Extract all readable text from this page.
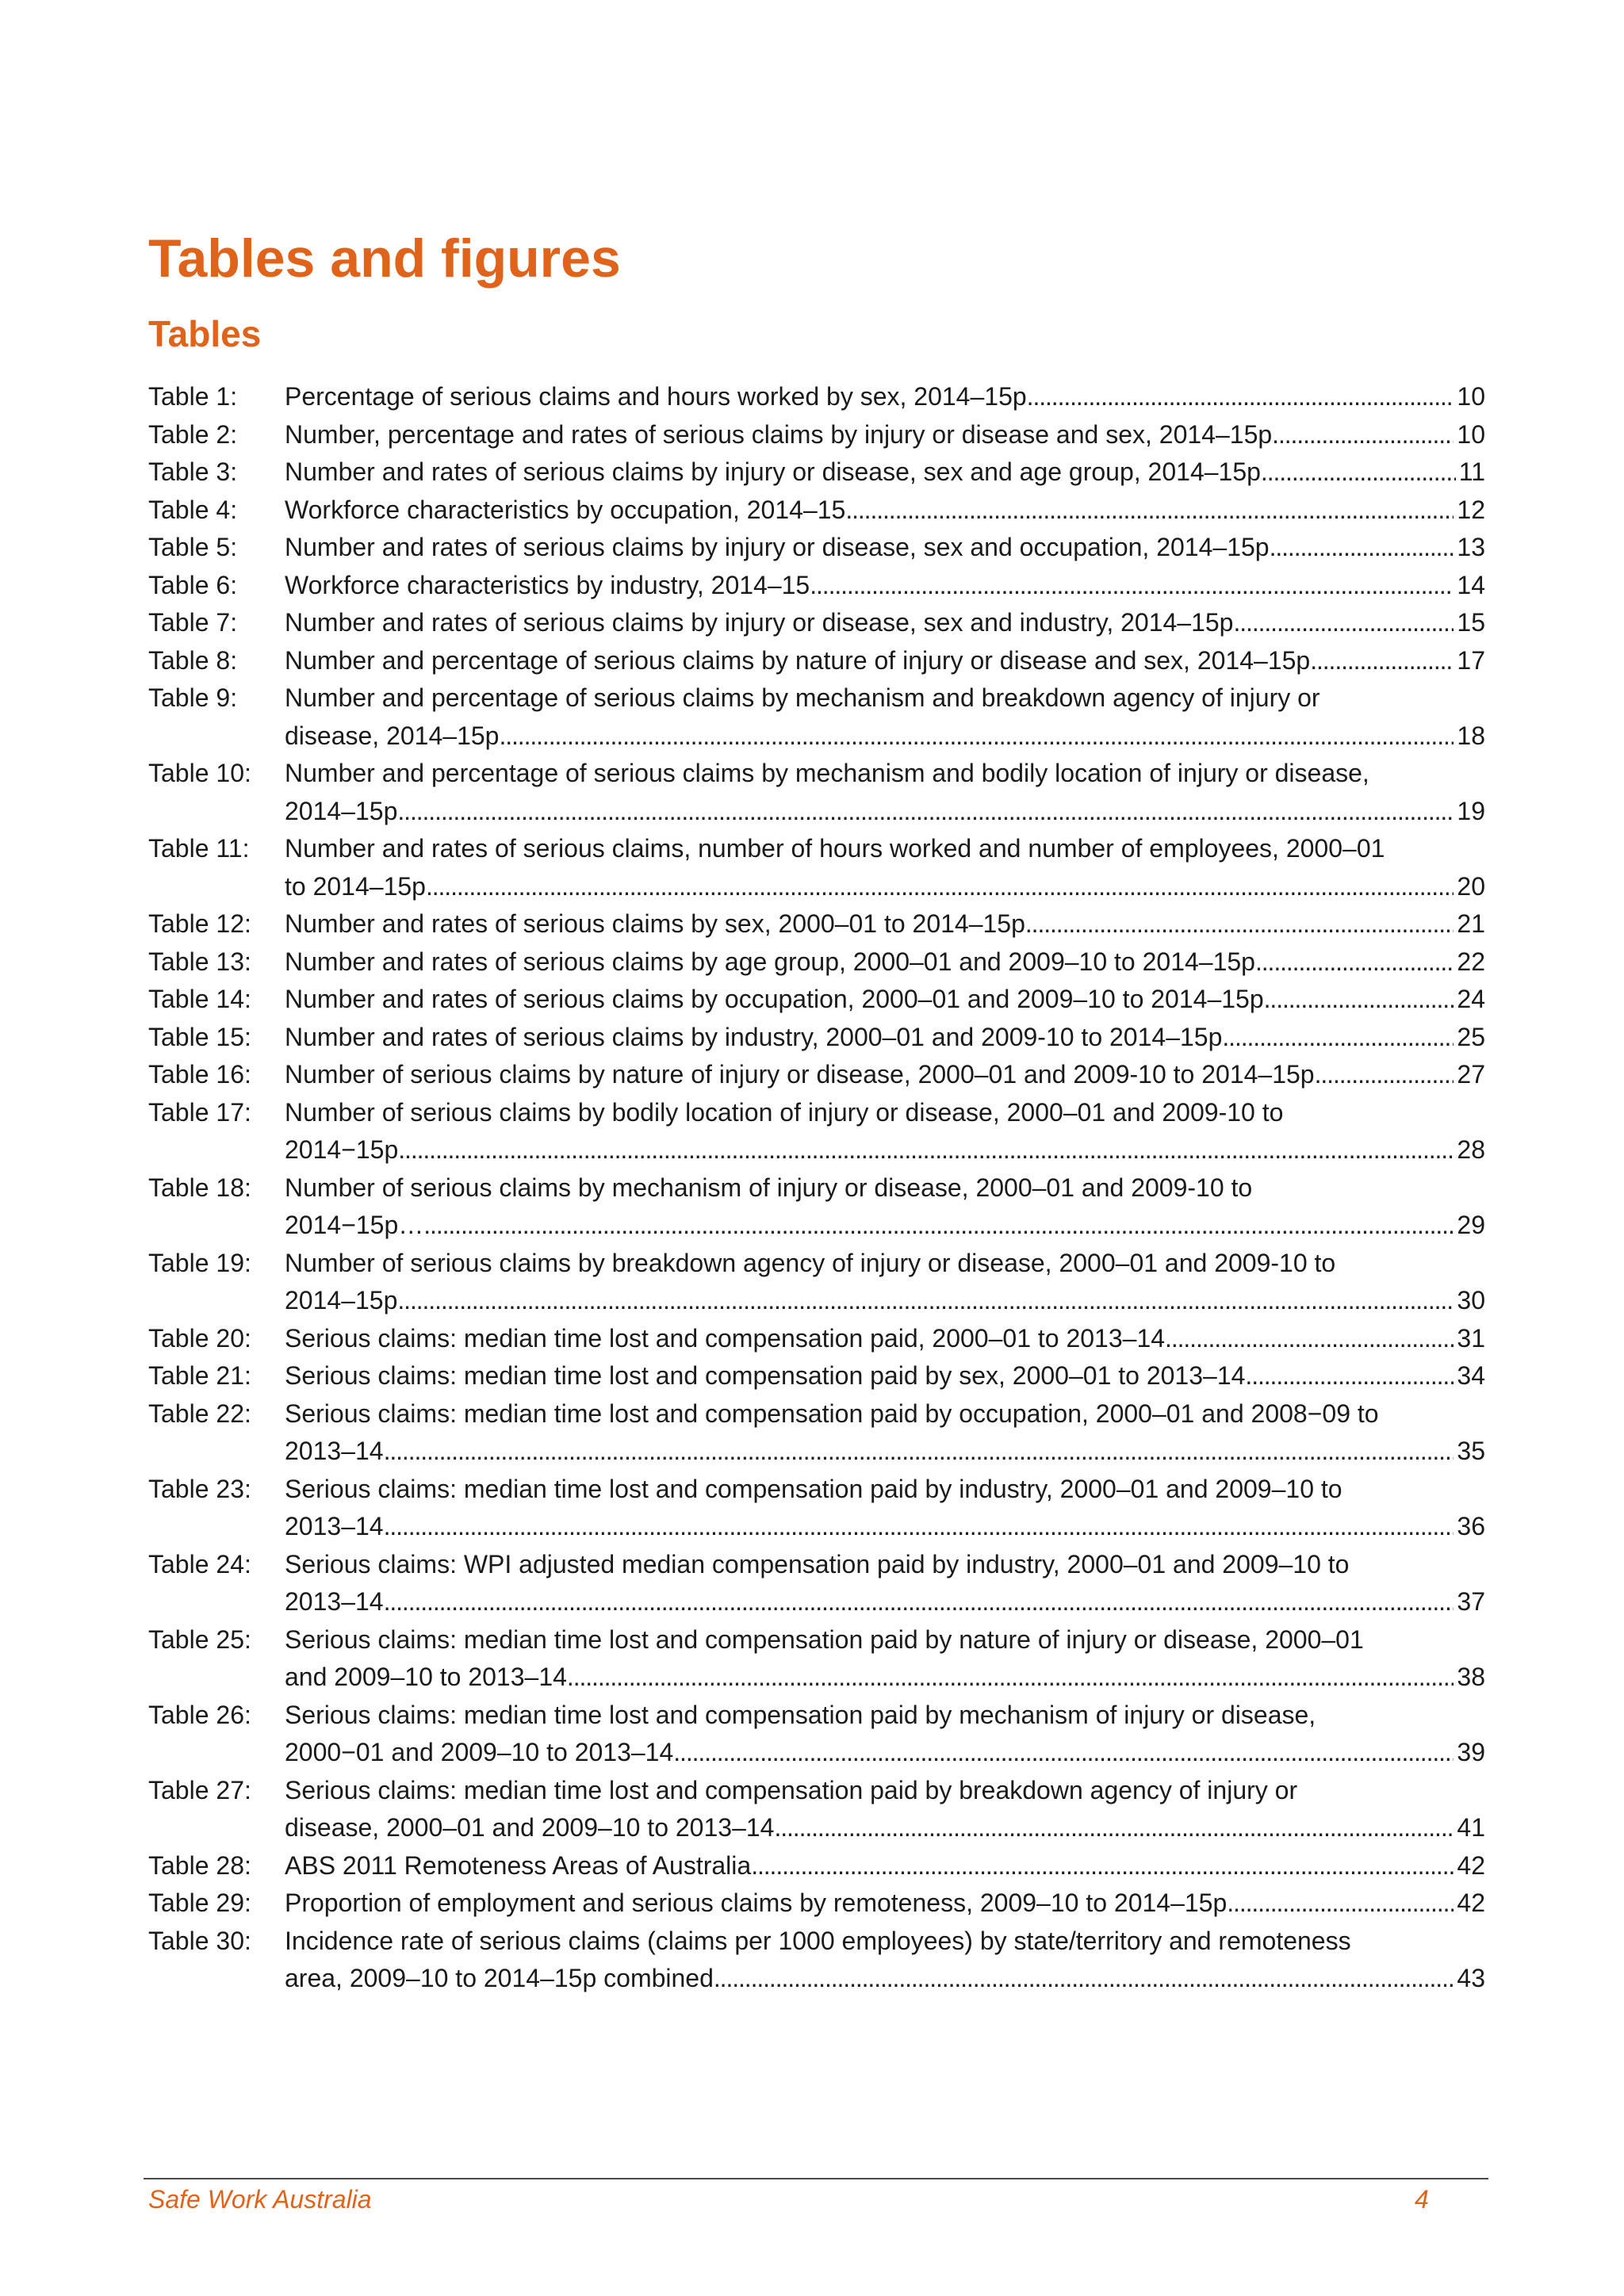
Tables and figures
Tables
Table 1:	Percentage of serious claims and hours worked by sex, 2014–15p . . .	10
Table 2:	Number, percentage and rates of serious claims by injury or disease and sex, 2014–15p . . .	10
Table 3:	Number and rates of serious claims by injury or disease, sex and age group, 2014–15p . . .	11
Table 4:	Workforce characteristics by occupation, 2014–15 . . .	12
Table 5:	Number and rates of serious claims by injury or disease, sex and occupation, 2014–15p . . .	13
Table 6:	Workforce characteristics by industry, 2014–15 . . .	14
Table 7:	Number and rates of serious claims by injury or disease, sex and industry, 2014–15p . . .	15
Table 8:	Number and percentage of serious claims by nature of injury or disease and sex, 2014–15p . . .	17
Table 9:	Number and percentage of serious claims by mechanism and breakdown agency of injury or
disease, 2014–15p . . .	18
Table 10:	Number and percentage of serious claims by mechanism and bodily location of injury or disease,
2014–15p . . .	19
Table 11:	Number and rates of serious claims, number of hours worked and number of employees, 2000–01
to 2014–15p . . .	20
Table 12:	Number and rates of serious claims by sex, 2000–01 to 2014–15p . . .	21
Table 13:	Number and rates of serious claims by age group, 2000–01 and 2009–10 to 2014–15p . . .	22
Table 14:	Number and rates of serious claims by occupation, 2000–01 and 2009–10 to 2014–15p . . .	24
Table 15:	Number and rates of serious claims by industry, 2000–01 and 2009-10 to 2014–15p . . .	25
Table 16:	Number of serious claims by nature of injury or disease, 2000–01 and 2009-10 to 2014–15p . . .	27
Table 17:	Number of serious claims by bodily location of injury or disease, 2000–01 and 2009-10 to
2014−15p . . .	28
Table 18:	Number of serious claims by mechanism of injury or disease, 2000–01 and 2009-10 to
2014−15p… . . .	29
Table 19:	Number of serious claims by breakdown agency of injury or disease, 2000–01 and 2009-10 to
2014–15p . . .	30
Table 20:	Serious claims: median time lost and compensation paid, 2000–01 to 2013–14 . . .	31
Table 21:	Serious claims: median time lost and compensation paid by sex, 2000–01 to 2013–14 . . .	34
Table 22:	Serious claims: median time lost and compensation paid by occupation, 2000–01 and 2008−09 to
2013–14 . . .	35
Table 23:	Serious claims: median time lost and compensation paid by industry, 2000–01 and 2009–10 to
2013–14 . . .	36
Table 24:	Serious claims: WPI adjusted median compensation paid by industry, 2000–01 and 2009–10 to
2013–14 . . .	37
Table 25:	Serious claims: median time lost and compensation paid by nature of injury or disease, 2000–01
and 2009–10 to 2013–14 . . .	38
Table 26:	Serious claims: median time lost and compensation paid by mechanism of injury or disease,
2000−01 and 2009–10 to 2013–14 . . .	39
Table 27:	Serious claims: median time lost and compensation paid by breakdown agency of injury or
disease, 2000–01 and 2009–10 to 2013–14 . . .	41
Table 28:	ABS 2011 Remoteness Areas of Australia . . .	42
Table 29:	Proportion of employment and serious claims by remoteness, 2009–10 to 2014–15p . . .	42
Table 30:	Incidence rate of serious claims (claims per 1000 employees) by state/territory and remoteness
area, 2009–10 to 2014–15p combined . . .	43
Safe Work Australia	4
